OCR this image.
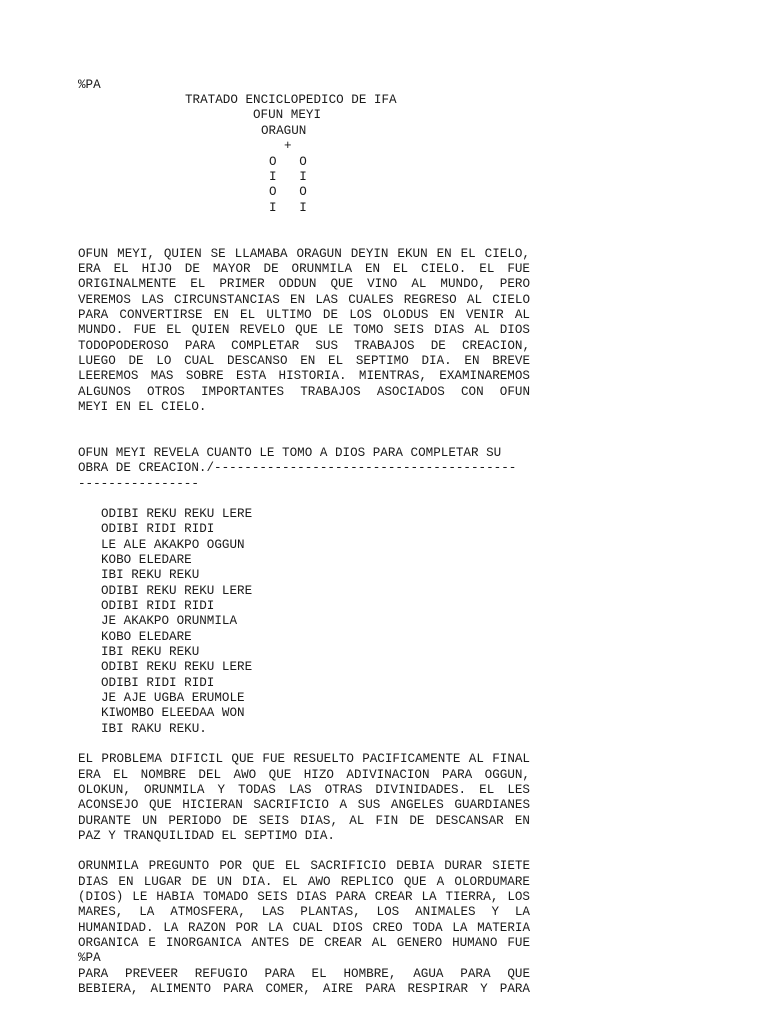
%PA
TRATADO ENCICLOPEDICO DE IFA
OFUN MEYI
ORAGUN
+
O   O
I   I
O   O
I   I
OFUN MEYI, QUIEN SE LLAMABA ORAGUN DEYIN EKUN EN EL CIELO,
ERA EL HIJO DE MAYOR DE ORUNMILA EN EL CIELO. EL FUE
ORIGINALMENTE EL PRIMER ODDUN QUE VINO AL MUNDO, PERO
VEREMOS LAS CIRCUNSTANCIAS EN LAS CUALES REGRESO AL CIELO
PARA CONVERTIRSE EN EL ULTIMO DE LOS OLODUS EN VENIR AL
MUNDO. FUE EL QUIEN REVELO QUE LE TOMO SEIS DIAS AL DIOS
TODOPODEROSO PARA COMPLETAR SUS TRABAJOS DE CREACION,
LUEGO DE LO CUAL DESCANSO EN EL SEPTIMO DIA. EN BREVE
LEEREMOS MAS SOBRE ESTA HISTORIA. MIENTRAS, EXAMINAREMOS
ALGUNOS OTROS IMPORTANTES TRABAJOS ASOCIADOS CON OFUN
MEYI EN EL CIELO.
OFUN MEYI REVELA CUANTO LE TOMO A DIOS PARA COMPLETAR SU
OBRA DE CREACION./----------------------------------------
----------------
ODIBI REKU REKU LERE
ODIBI RIDI RIDI
LE ALE AKAKPO OGGUN
KOBO ELEDARE
IBI REKU REKU
ODIBI REKU REKU LERE
ODIBI RIDI RIDI
JE AKAKPO ORUNMILA
KOBO ELEDARE
IBI REKU REKU
ODIBI REKU REKU LERE
ODIBI RIDI RIDI
JE AJE UGBA ERUMOLE
KIWOMBO ELEEDAA WON
IBI RAKU REKU.
EL PROBLEMA DIFICIL QUE FUE RESUELTO PACIFICAMENTE AL FINAL
ERA EL NOMBRE DEL AWO QUE HIZO ADIVINACION PARA OGGUN,
OLOKUN, ORUNMILA Y TODAS LAS OTRAS DIVINIDADES. EL LES
ACONSEJO QUE HICIERAN SACRIFICIO A SUS ANGELES GUARDIANES
DURANTE UN PERIODO DE SEIS DIAS, AL FIN DE DESCANSAR EN
PAZ Y TRANQUILIDAD EL SEPTIMO DIA.
ORUNMILA PREGUNTO POR QUE EL SACRIFICIO DEBIA DURAR SIETE
DIAS EN LUGAR DE UN DIA. EL AWO REPLICO QUE A OLORDUMARE
(DIOS) LE HABIA TOMADO SEIS DIAS PARA CREAR LA TIERRA, LOS
MARES, LA ATMOSFERA, LAS PLANTAS, LOS ANIMALES Y LA
HUMANIDAD. LA RAZON POR LA CUAL DIOS CREO TODA LA MATERIA
ORGANICA E INORGANICA ANTES DE CREAR AL GENERO HUMANO FUE
%PA
PARA PREVEER REFUGIO PARA EL HOMBRE, AGUA PARA QUE
BEBIERA, ALIMENTO PARA COMER, AIRE PARA RESPIRAR Y PARA
